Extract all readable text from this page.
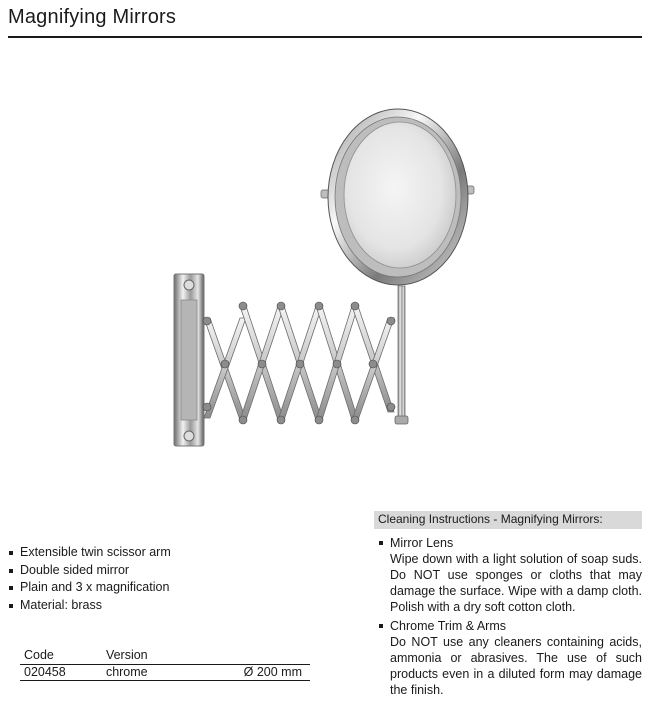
Magnifying Mirrors
Extensible twin scissor arm
Double sided mirror
Plain and 3 x magnification
Material: brass
Code	Version	
020458	chrome	Ø 200 mm
Cleaning Instructions - Magnifying Mirrors:
Mirror Lens
Wipe down with a light solution of soap suds. Do NOT use sponges or cloths that may damage the surface. Wipe with a damp cloth. Polish with a dry soft cotton cloth.
Chrome Trim & Arms
Do NOT use any cleaners containing acids, ammonia or abrasives. The use of such products even in a diluted form may damage the finish.
